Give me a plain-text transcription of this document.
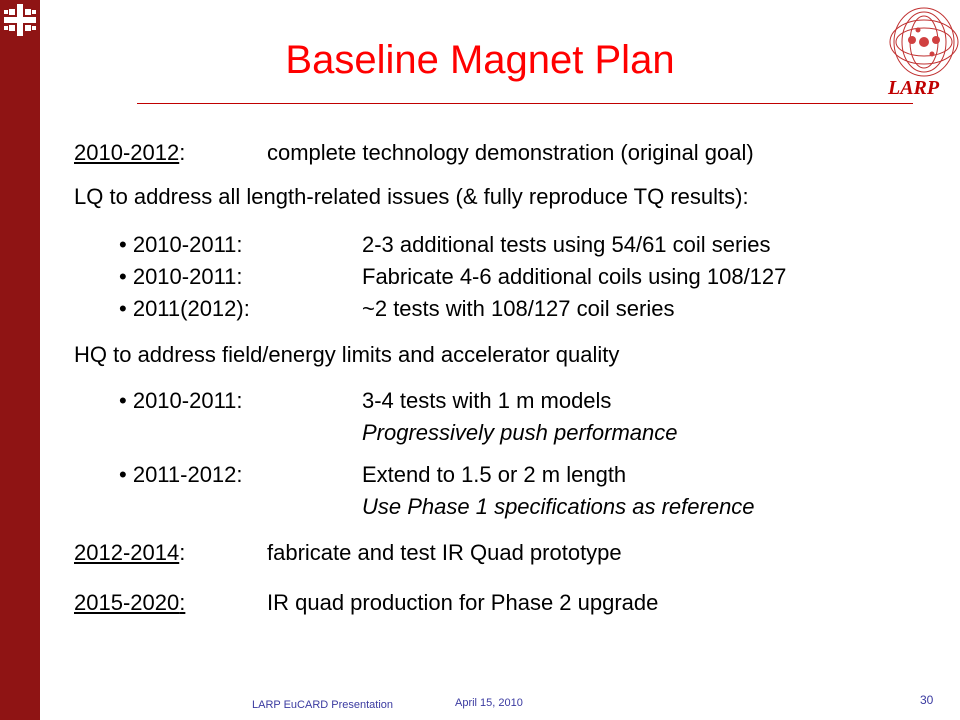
Baseline Magnet Plan
LARP
2010-2012:	complete technology demonstration (original goal)
LQ to address all length-related issues (& fully reproduce TQ results):
• 2010-2011:	2-3 additional tests using 54/61 coil series
• 2010-2011:	Fabricate 4-6 additional coils using 108/127
• 2011(2012):	~2 tests with 108/127 coil series
HQ to address field/energy limits and accelerator quality
• 2010-2011:	3-4 tests with 1 m models
Progressively push performance
• 2011-2012:	Extend to 1.5 or 2 m length
Use Phase 1 specifications as reference
2012-2014:	fabricate and test IR Quad prototype
2015-2020:	IR quad production for Phase 2 upgrade
LARP EuCARD Presentation	April 15, 2010	30
